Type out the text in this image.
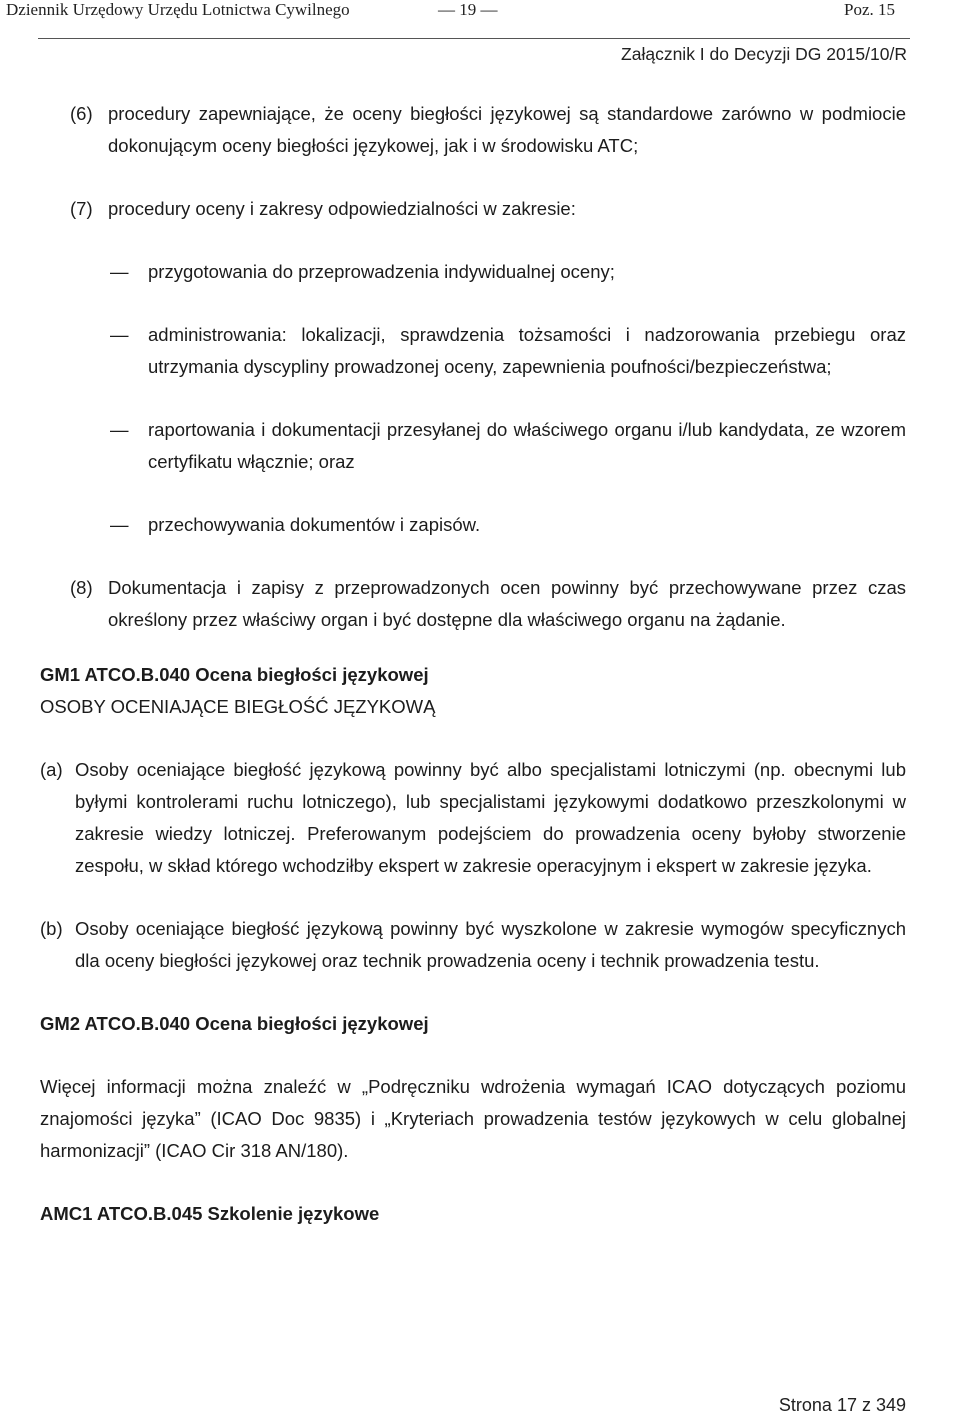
Dziennik Urzędowy Urzędu Lotnictwa Cywilnego	— 19 —	Poz. 15
Załącznik I do Decyzji DG 2015/10/R

(6) procedury zapewniające, że oceny biegłości językowej są standardowe zarówno w podmiocie dokonującym oceny biegłości językowej, jak i w środowisku ATC;

(7) procedury oceny i zakresy odpowiedzialności w zakresie:

— przygotowania do przeprowadzenia indywidualnej oceny;

— administrowania: lokalizacji, sprawdzenia tożsamości i nadzorowania przebiegu oraz utrzymania dyscypliny prowadzonej oceny, zapewnienia poufności/bezpieczeństwa;

— raportowania i dokumentacji przesyłanej do właściwego organu i/lub kandydata, ze wzorem certyfikatu włącznie; oraz

— przechowywania dokumentów i zapisów.

(8) Dokumentacja i zapisy z przeprowadzonych ocen powinny być przechowywane przez czas określony przez właściwy organ i być dostępne dla właściwego organu na żądanie.

GM1 ATCO.B.040 Ocena biegłości językowej

OSOBY OCENIAJĄCE BIEGŁOŚĆ JĘZYKOWĄ

(a) Osoby oceniające biegłość językową powinny być albo specjalistami lotniczymi (np. obecnymi lub byłymi kontrolerami ruchu lotniczego), lub specjalistami językowymi dodatkowo przeszkolonymi w zakresie wiedzy lotniczej. Preferowanym podejściem do prowadzenia oceny byłoby stworzenie zespołu, w skład którego wchodziłby ekspert w zakresie operacyjnym i ekspert w zakresie języka.

(b) Osoby oceniające biegłość językową powinny być wyszkolone w zakresie wymogów specyficznych dla oceny biegłości językowej oraz technik prowadzenia oceny i technik prowadzenia testu.

GM2 ATCO.B.040 Ocena biegłości językowej

Więcej informacji można znaleźć w „Podręczniku wdrożenia wymagań ICAO dotyczących poziomu znajomości języka” (ICAO Doc 9835) i „Kryteriach prowadzenia testów językowych w celu globalnej harmonizacji” (ICAO Cir 318 AN/180).

AMC1 ATCO.B.045 Szkolenie językowe

Strona 17 z 349
